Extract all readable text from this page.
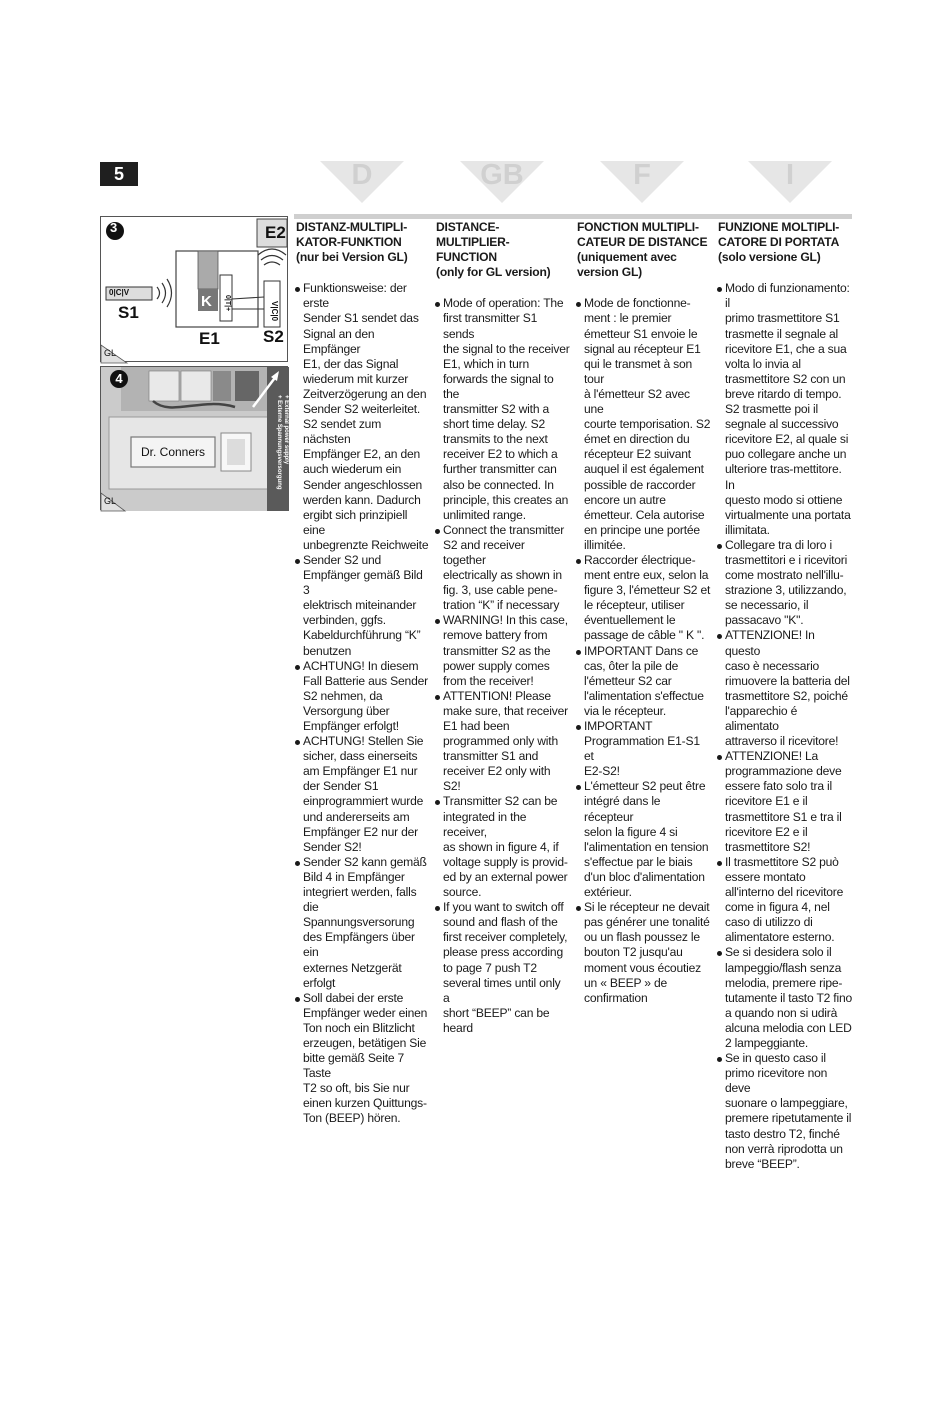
5	D	GB	F	I
3	E2
0|C|V
S1
K
E1	S2
0|T|+	V|C|0
GL
4
Dr. Conners	+ Externe Spannungsversorgung + External power supply
GL
DISTANZ-MULTIPLI-
KATOR-FUNKTION
(nur bei Version GL)
Funktionsweise: der erste
Sender S1 sendet das
Signal an den Empfänger
E1, der das Signal
wiederum mit kurzer
Zeitverzögerung an den
Sender S2 weiterleitet.
S2 sendet zum nächsten
Empfänger E2, an den
auch wiederum ein
Sender angeschlossen
werden kann. Dadurch
ergibt sich prinzipiell eine
unbegrenzte Reichweite
Sender S2 und
Empfänger gemäß Bild 3
elektrisch miteinander
verbinden, ggfs.
Kabeldurchführung “K”
benutzen
ACHTUNG! In diesem
Fall Batterie aus Sender
S2 nehmen, da
Versorgung über
Empfänger erfolgt!
ACHTUNG! Stellen Sie
sicher, dass einerseits
am Empfänger E1 nur
der Sender S1
einprogrammiert wurde
und andererseits am
Empfänger E2 nur der
Sender S2!
Sender S2 kann gemäß
Bild 4 in Empfänger
integriert werden, falls
die Spannungsversorung
des Empfängers über ein
externes Netzgerät
erfolgt
Soll dabei der erste
Empfänger weder einen
Ton noch ein Blitzlicht
erzeugen, betätigen Sie
bitte gemäß Seite 7 Taste
T2 so oft, bis Sie nur
einen kurzen Quittungs-
Ton (BEEP) hören.
DISTANCE-MULTIPLIER-
FUNCTION
(only for GL version)
Mode of operation: The
first transmitter S1 sends
the signal to the receiver
E1, which in turn
forwards the signal to the
transmitter S2 with a
short time delay. S2
transmits to the next
receiver E2 to which a
further transmitter can
also be connected. In
principle, this creates an
unlimited range.
Connect the transmitter
S2 and receiver together
electrically as shown in
fig. 3, use cable pene-
tration “K” if necessary
WARNING! In this case,
remove battery from
transmitter S2 as the
power supply comes
from the receiver!
ATTENTION! Please
make sure, that receiver
E1 had been
programmed only with
transmitter S1 and
receiver E2 only with S2!
Transmitter S2 can be
integrated in the receiver,
as shown in figure 4, if
voltage supply is provid-
ed by an external power
source.
If you want to switch off
sound and flash of the
first receiver completely,
please press according
to page 7 push T2
several times until only a
short “BEEP” can be
heard
FONCTION MULTIPLI-
CATEUR DE DISTANCE
(uniquement avec
version GL)
Mode de fonctionne-
ment : le premier
émetteur S1 envoie le
signal au récepteur E1
qui le transmet à son tour
à l'émetteur S2 avec une
courte temporisation. S2
émet en direction du
récepteur E2 suivant
auquel il est également
possible de raccorder
encore un autre
émetteur. Cela autorise
en principe une portée
illimitée.
Raccorder électrique-
ment entre eux, selon la
figure 3, l'émetteur S2 et
le récepteur, utiliser
éventuellement le
passage de câble " K ".
IMPORTANT Dans ce
cas, ôter la pile de
l'émetteur S2 car
l'alimentation s'effectue
via le récepteur.
IMPORTANT
Programmation E1-S1 et
E2-S2!
L'émetteur S2 peut être
intégré dans le récepteur
selon la figure 4 si
l'alimentation en tension
s'effectue par le biais
d'un bloc d'alimentation
extérieur.
Si le récepteur ne devait
pas générer une tonalité
ou un flash poussez le
bouton T2 jusqu'au
moment vous écoutiez
un « BEEP » de
confirmation
FUNZIONE MOLTIPLI-
CATORE DI PORTATA
(solo versione GL)
Modo di funzionamento: il
primo trasmettitore S1
trasmette il segnale al
ricevitore E1, che a sua
volta lo invia al
trasmettitore S2 con un
breve ritardo di tempo.
S2 trasmette poi il
segnale al successivo
ricevitore E2, al quale si
puo collegare anche un
ulteriore tras-mettitore. In
questo modo si ottiene
virtualmente una portata
illimitata.
Collegare tra di loro i
trasmettitori e i ricevitori
come mostrato nell'illu-
strazione 3, utilizzando,
se necessario, il
passacavo "K".
ATTENZIONE! In questo
caso è necessario
rimuovere la batteria del
trasmettitore S2, poiché
l'apparechio é alimentato
attraverso il ricevitore!
ATTENZIONE! La
programmazione deve
essere fato solo tra il
ricevitore E1 e il
trasmettitore S1 e tra il
ricevitore E2 e il
trasmettitore S2!
Il trasmettitore S2 può
essere montato
all'interno del ricevitore
come in figura 4, nel
caso di utilizzo di
alimentatore esterno.
Se si desidera solo il
lampeggio/flash senza
melodia, premere ripe-
tutamente il tasto T2 fino
a quando non si udirà
alcuna melodia con LED
2 lampeggiante.
Se in questo caso il
primo ricevitore non deve
suonare o lampeggiare,
premere ripetutamente il
tasto destro T2, finché
non verrà riprodotta un
breve “BEEP”.
